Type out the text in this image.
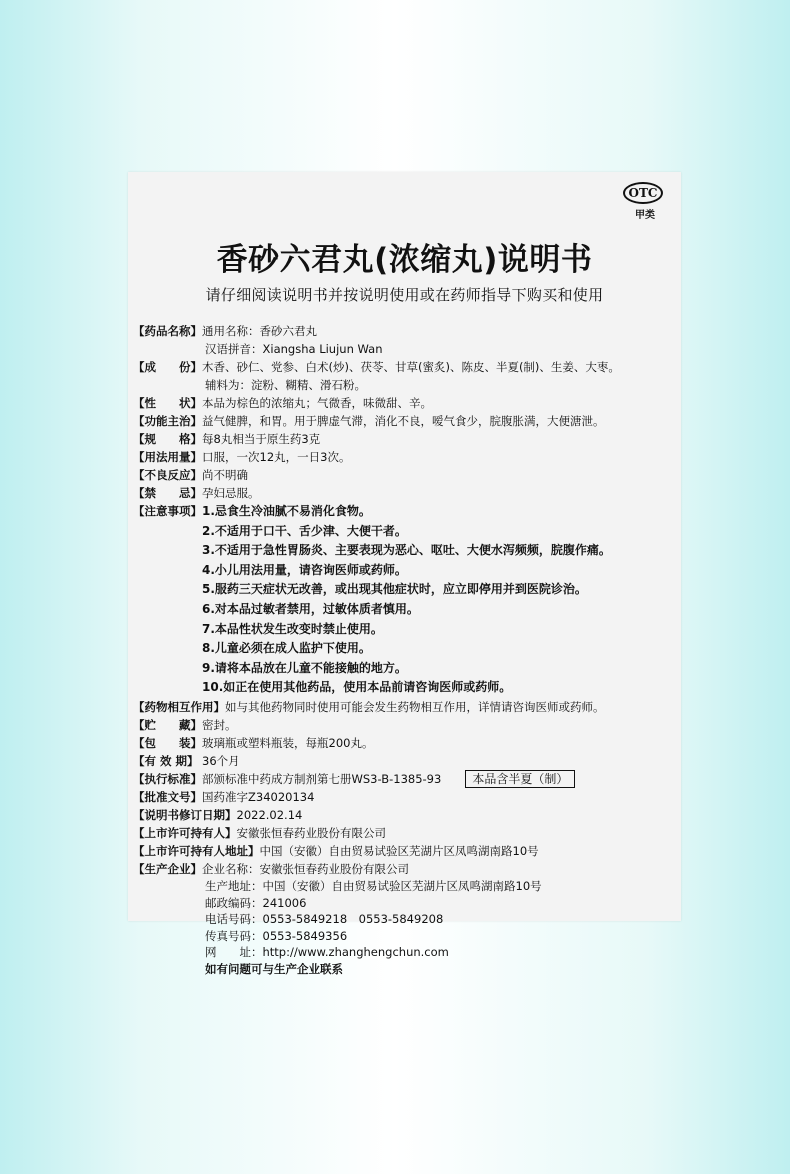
OTC
甲类
香砂六君丸(浓缩丸)说明书
请仔细阅读说明书并按说明使用或在药师指导下购买和使用
【药品名称】 通用名称：香砂六君丸
汉语拼音：Xiangsha Liujun Wan
【成　　份】 木香、砂仁、党参、白术(炒)、茯苓、甘草(蜜炙)、陈皮、半夏(制)、生姜、大枣。
辅料为：淀粉、糊精、滑石粉。
【性　　状】 本品为棕色的浓缩丸；气微香，味微甜、辛。
【功能主治】 益气健脾，和胃。用于脾虚气滞，消化不良，嗳气食少，脘腹胀满，大便溏泄。
【规　　格】 每8丸相当于原生药3克
【用法用量】 口服，一次12丸，一日3次。
【不良反应】 尚不明确
【禁　　忌】 孕妇忌服。
【注意事项】 1.忌食生冷油腻不易消化食物。
2.不适用于口干、舌少津、大便干者。
3.不适用于急性胃肠炎、主要表现为恶心、呕吐、大便水泻频频，脘腹作痛。
4.小儿用法用量，请咨询医师或药师。
5.服药三天症状无改善，或出现其他症状时，应立即停用并到医院诊治。
6.对本品过敏者禁用，过敏体质者慎用。
7.本品性状发生改变时禁止使用。
8.儿童必须在成人监护下使用。
9.请将本品放在儿童不能接触的地方。
10.如正在使用其他药品，使用本品前请咨询医师或药师。
【药物相互作用】 如与其他药物同时使用可能会发生药物相互作用，详情请咨询医师或药师。
【贮　　藏】 密封。
【包　　装】 玻璃瓶或塑料瓶装，每瓶200丸。
【有 效 期】 36个月
【执行标准】 部颁标准中药成方制剂第七册WS3-B-1385-93	本品含半夏（制）
【批准文号】 国药准字Z34020134
【说明书修订日期】 2022.02.14
【上市许可持有人】 安徽张恒春药业股份有限公司
【上市许可持有人地址】 中国（安徽）自由贸易试验区芜湖片区凤鸣湖南路10号
【生产企业】 企业名称：安徽张恒春药业股份有限公司
生产地址：中国（安徽）自由贸易试验区芜湖片区凤鸣湖南路10号
邮政编码：241006
电话号码：0553-5849218　0553-5849208
传真号码：0553-5849356
网　　址：http://www.zhanghengchun.com
如有问题可与生产企业联系
